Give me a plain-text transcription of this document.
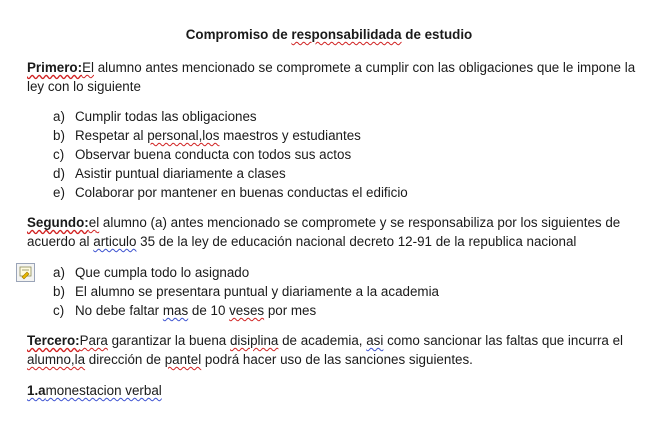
Compromiso de responsabilidada de estudio
Primero:El alumno antes mencionado se compromete a cumplir con las obligaciones que le impone la ley con lo siguiente
a) Cumplir todas las obligaciones
b) Respetar al personal,los maestros y estudiantes
c) Observar buena conducta con todos sus actos
d) Asistir puntual diariamente a clases
e) Colaborar por mantener en buenas conductas el edificio
Segundo:el alumno (a) antes mencionado se compromete y se responsabiliza por los siguientes de acuerdo al articulo 35 de la ley de educación nacional decreto 12-91 de la republica nacional
a) Que cumpla todo lo asignado
b) El alumno se presentara puntual y diariamente a la academia
c) No debe faltar mas de 10 veses por mes
Tercero:Para garantizar la buena disiplina de academia, asi como sancionar las faltas que incurra el alumno,la dirección de pantel podrá hacer uso de las sanciones siguientes.
1.amonestacion verbal
